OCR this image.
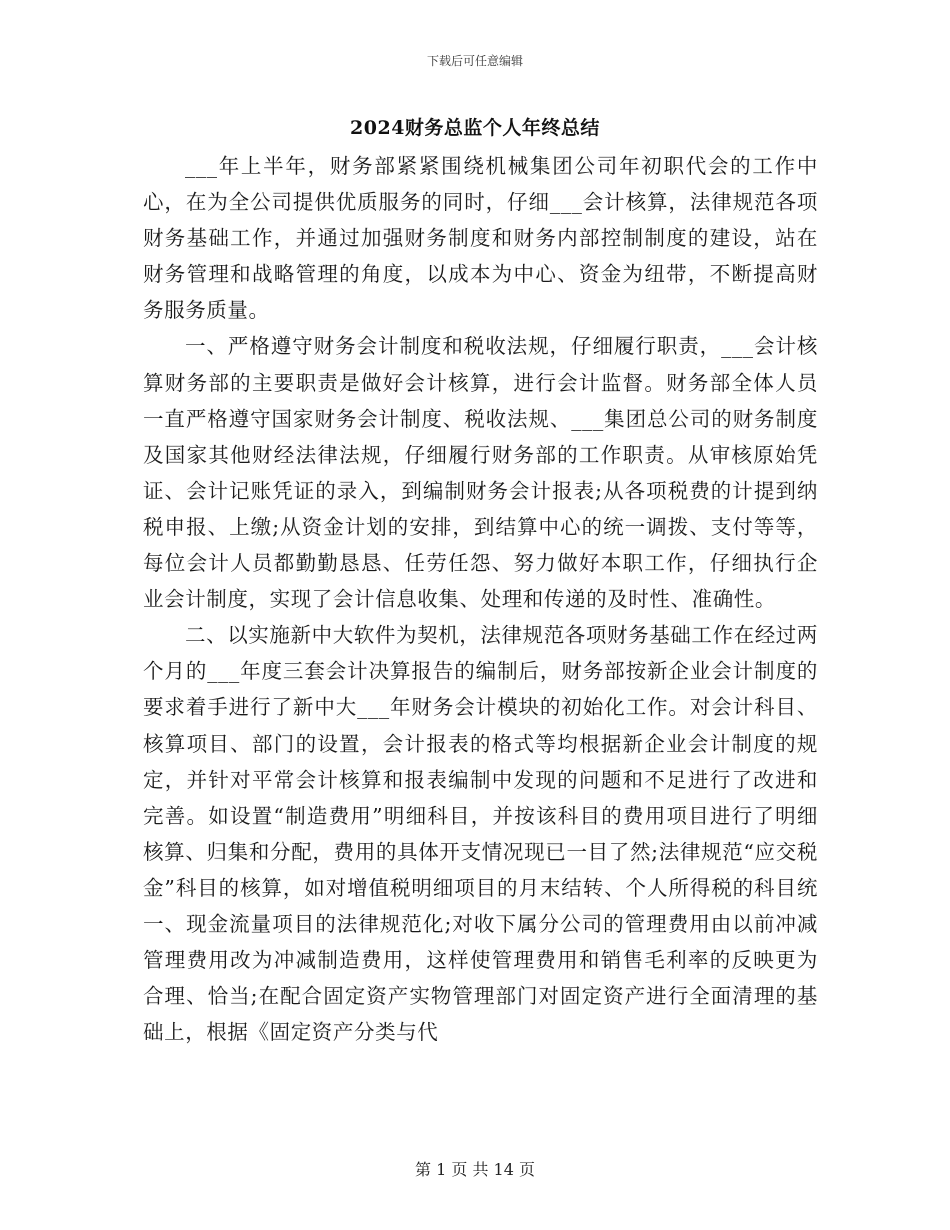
下载后可任意编辑
2024财务总监个人年终总结

___年上半年，财务部紧紧围绕机械集团公司年初职代会的工作中心，在为全公司提供优质服务的同时，仔细___会计核算，法律规范各项财务基础工作，并通过加强财务制度和财务内部控制制度的建设，站在财务管理和战略管理的角度，以成本为中心、资金为纽带，不断提高财务服务质量。

一、严格遵守财务会计制度和税收法规，仔细履行职责，___会计核算财务部的主要职责是做好会计核算，进行会计监督。财务部全体人员一直严格遵守国家财务会计制度、税收法规、___集团总公司的财务制度及国家其他财经法律法规，仔细履行财务部的工作职责。从审核原始凭证、会计记账凭证的录入，到编制财务会计报表;从各项税费的计提到纳税申报、上缴;从资金计划的安排，到结算中心的统一调拨、支付等等，每位会计人员都勤勤恳恳、任劳任怨、努力做好本职工作，仔细执行企业会计制度，实现了会计信息收集、处理和传递的及时性、准确性。

二、以实施新中大软件为契机，法律规范各项财务基础工作在经过两个月的___年度三套会计决算报告的编制后，财务部按新企业会计制度的要求着手进行了新中大___年财务会计模块的初始化工作。对会计科目、核算项目、部门的设置，会计报表的格式等均根据新企业会计制度的规定，并针对平常会计核算和报表编制中发现的问题和不足进行了改进和完善。如设置“制造费用”明细科目，并按该科目的费用项目进行了明细核算、归集和分配，费用的具体开支情况现已一目了然;法律规范“应交税金”科目的核算，如对增值税明细项目的月末结转、个人所得税的科目统一、现金流量项目的法律规范化;对收下属分公司的管理费用由以前冲减管理费用改为冲减制造费用，这样使管理费用和销售毛利率的反映更为合理、恰当;在配合固定资产实物管理部门对固定资产进行全面清理的基础上，根据《固定资产分类与代

第 1 页 共 14 页
